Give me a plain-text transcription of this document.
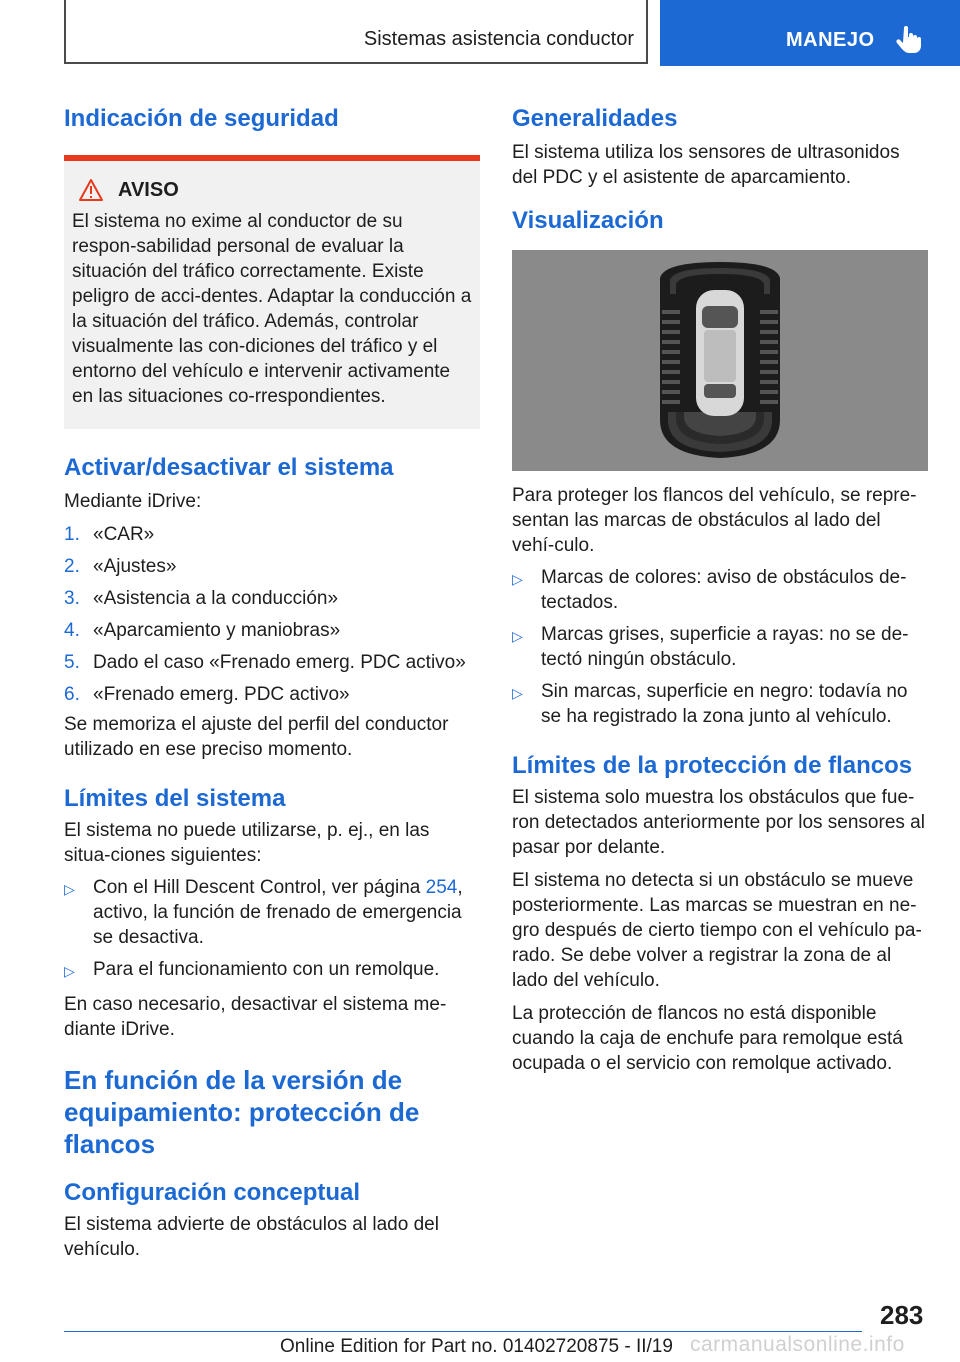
Sistemas asistencia conductor	MANEJO
Indicación de seguridad
AVISO

El sistema no exime al conductor de su respon-sabilidad personal de evaluar la situación del tráfico correctamente. Existe peligro de acci-dentes. Adaptar la conducción a la situación del tráfico. Además, controlar visualmente las con-diciones del tráfico y el entorno del vehículo e intervenir activamente en las situaciones co-rrespondientes.

Activar/desactivar el sistema

Mediante iDrive:

1. «CAR»
2. «Ajustes»
3. «Asistencia a la conducción»
4. «Aparcamiento y maniobras»
5. Dado el caso «Frenado emerg. PDC activo»
6. «Frenado emerg. PDC activo»

Se memoriza el ajuste del perfil del conductor utilizado en ese preciso momento.

Límites del sistema

El sistema no puede utilizarse, p. ej., en las situa-ciones siguientes:

▷ Con el Hill Descent Control, ver página 254, activo, la función de frenado de emergencia se desactiva.
▷ Para el funcionamiento con un remolque.

En caso necesario, desactivar el sistema me-diante iDrive.

En función de la versión de equipamiento: protección de flancos
Configuración conceptual

El sistema advierte de obstáculos al lado del vehículo.

Generalidades

El sistema utiliza los sensores de ultrasonidos del PDC y el asistente de aparcamiento.

Visualización

Para proteger los flancos del vehículo, se repre-sentan las marcas de obstáculos al lado del vehí-culo.

▷ Marcas de colores: aviso de obstáculos de-tectados.
▷ Marcas grises, superficie a rayas: no se de-tectó ningún obstáculo.
▷ Sin marcas, superficie en negro: todavía no se ha registrado la zona junto al vehículo.
Límites de la protección de flancos

El sistema solo muestra los obstáculos que fue-ron detectados anteriormente por los sensores al pasar por delante.

El sistema no detecta si un obstáculo se mueve posteriormente. Las marcas se muestran en ne-gro después de cierto tiempo con el vehículo pa-rado. Se debe volver a registrar la zona de al lado del vehículo.

La protección de flancos no está disponible cuando la caja de enchufe para remolque está ocupada o el servicio con remolque activado.

283
Online Edition for Part no. 01402720875 - II/19 carmanualsonline.info
